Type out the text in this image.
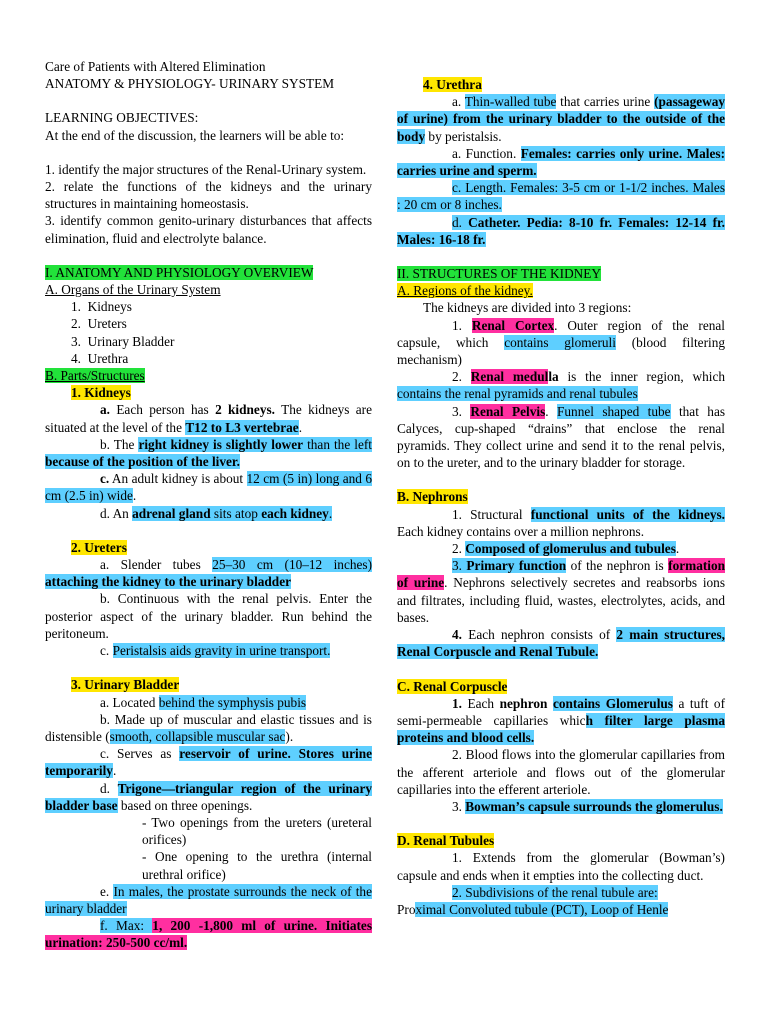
Care of Patients with Altered Elimination

ANATOMY & PHYSIOLOGY- URINARY SYSTEM

LEARNING OBJECTIVES:

At the end of the discussion, the learners will be able to:

1. identify the major structures of the Renal-Urinary system.

2. relate the functions of the kidneys and the urinary structures in maintaining homeostasis.

3. identify common genito-urinary disturbances that affects elimination, fluid and electrolyte balance.

I. ANATOMY AND PHYSIOLOGY OVERVIEW

A. Organs of the Urinary System

1.  Kidneys

2.  Ureters

3.  Urinary Bladder

4.  Urethra

B. Parts/Structures

1. Kidneys

a. Each person has 2 kidneys. The kidneys are situated at the level of the T12 to L3 vertebrae.

b. The right kidney is slightly lower than the left because of the position of the liver.

c. An adult kidney is about 12 cm (5 in) long and 6 cm (2.5 in) wide.

d. An adrenal gland sits atop each kidney.

2. Ureters

a. Slender tubes 25–30 cm (10–12 inches) attaching the kidney to the urinary bladder

b. Continuous with the renal pelvis. Enter the posterior aspect of the urinary bladder. Run behind the peritoneum.

c. Peristalsis aids gravity in urine transport.

3. Urinary Bladder

a. Located behind the symphysis pubis

b. Made up of muscular and elastic tissues and is distensible (smooth, collapsible muscular sac).

c. Serves as reservoir of urine. Stores urine temporarily.

d. Trigone—triangular region of the urinary bladder base based on three openings.

- Two openings from the ureters (ureteral orifices)

- One opening to the urethra (internal urethral orifice)

e. In males, the prostate surrounds the neck of the urinary bladder

f. Max: 1, 200 -1,800 ml of urine. Initiates urination: 250-500 cc/ml.

4. Urethra

a. Thin-walled tube that carries urine (passageway of urine) from the urinary bladder to the outside of the body by peristalsis.

a. Function. Females: carries only urine. Males: carries urine and sperm.

c. Length. Females: 3-5 cm or 1-1/2 inches. Males : 20 cm or 8 inches.

d. Catheter. Pedia: 8-10 fr. Females: 12-14 fr. Males: 16-18 fr.

II. STRUCTURES OF THE KIDNEY

A. Regions of the kidney.

The kidneys are divided into 3 regions:

1. Renal Cortex. Outer region of the renal capsule, which contains glomeruli (blood filtering mechanism)

2. Renal medulla is the inner region, which contains the renal pyramids and renal tubules

3. Renal Pelvis. Funnel shaped tube that has Calyces, cup-shaped “drains” that enclose the renal pyramids. They collect urine and send it to the renal pelvis, on to the ureter, and to the urinary bladder for storage.

B. Nephrons

1. Structural functional units of the kidneys. Each kidney contains over a million nephrons.

2. Composed of glomerulus and tubules.

3. Primary function of the nephron is formation of urine. Nephrons selectively secretes and reabsorbs ions and filtrates, including fluid, wastes, electrolytes, acids, and bases.

4. Each nephron consists of 2 main structures, Renal Corpuscle and Renal Tubule.

C. Renal Corpuscle

1. Each nephron contains Glomerulus a tuft of semi-permeable capillaries which filter large plasma proteins and blood cells.

2. Blood flows into the glomerular capillaries from the afferent arteriole and flows out of the glomerular capillaries into the efferent arteriole.

3. Bowman’s capsule surrounds the glomerulus.

D. Renal Tubules

1. Extends from the glomerular (Bowman’s) capsule and ends when it empties into the collecting duct.

2. Subdivisions of the renal tubule are:

Proximal Convoluted tubule (PCT), Loop of Henle
